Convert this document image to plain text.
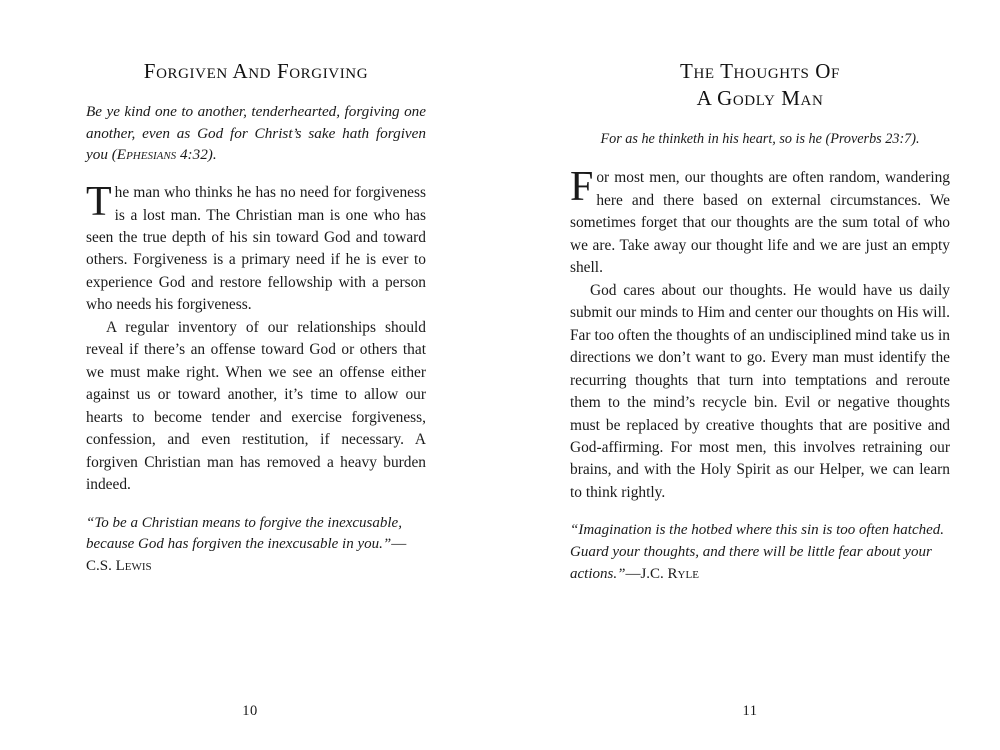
Forgiven And Forgiving

Be ye kind one to another, tenderhearted, forgiving one another, even as God for Christ’s sake hath forgiven you (Ephesians 4:32).

The man who thinks he has no need for forgiveness is a lost man. The Christian man is one who has seen the true depth of his sin toward God and toward others. Forgiveness is a primary need if he is ever to experience God and restore fellowship with a person who needs his forgiveness.

A regular inventory of our relationships should reveal if there’s an offense toward God or others that we must make right. When we see an offense either against us or toward another, it’s time to allow our hearts to become tender and exercise forgiveness, confession, and even restitution, if necessary. A forgiven Christian man has removed a heavy burden indeed.

“To be a Christian means to forgive the inexcusable, because God has forgiven the inexcusable in you.”—C.S. Lewis

10
The Thoughts Of
A Godly Man

For as he thinketh in his heart, so is he (Proverbs 23:7).

For most men, our thoughts are often random, wandering here and there based on external circumstances. We sometimes forget that our thoughts are the sum total of who we are. Take away our thought life and we are just an empty shell.

God cares about our thoughts. He would have us daily submit our minds to Him and center our thoughts on His will. Far too often the thoughts of an undisciplined mind take us in directions we don’t want to go. Every man must identify the recurring thoughts that turn into temptations and reroute them to the mind’s recycle bin. Evil or negative thoughts must be replaced by creative thoughts that are positive and God-affirming. For most men, this involves retraining our brains, and with the Holy Spirit as our Helper, we can learn to think rightly.

“Imagination is the hotbed where this sin is too often hatched. Guard your thoughts, and there will be little fear about your actions.”—J.C. Ryle

11
